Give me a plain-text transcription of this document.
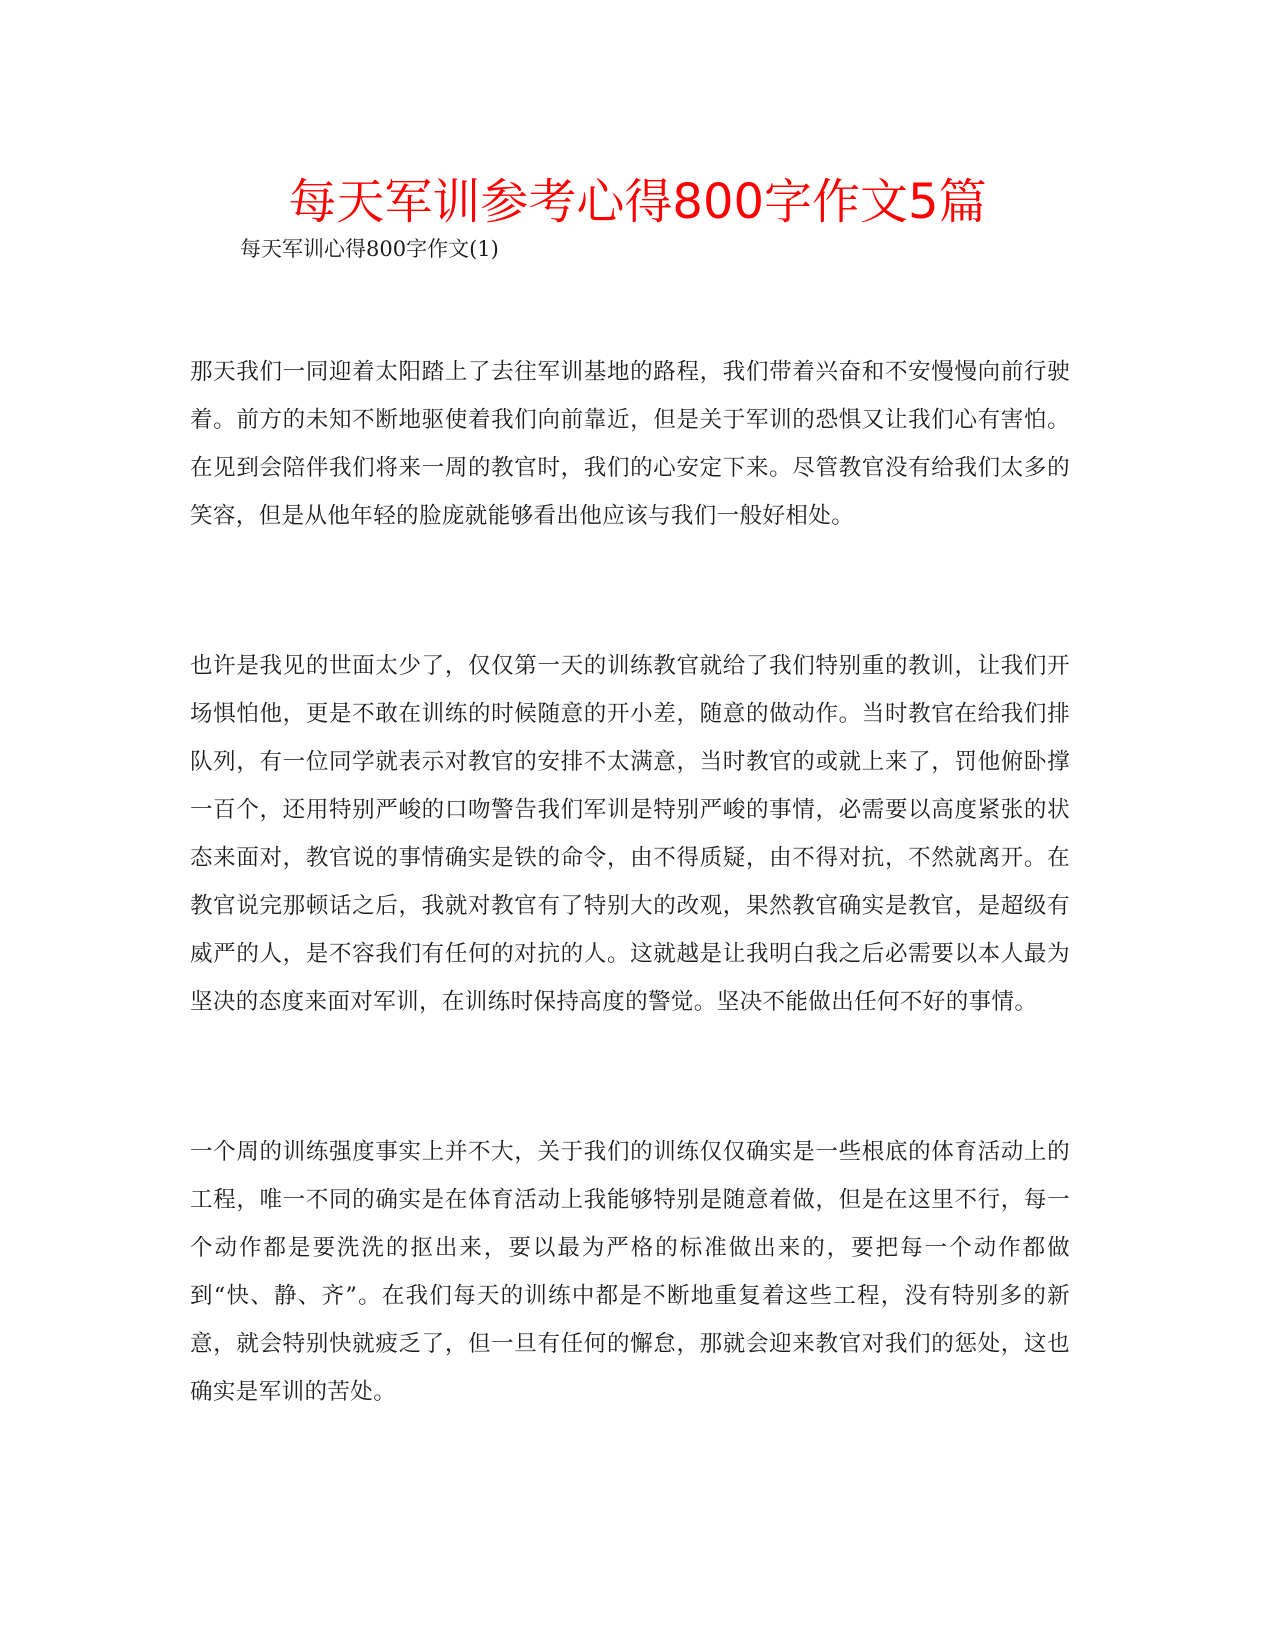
每天军训参考心得800字作文5篇

每天军训心得800字作文(1)

那天我们一同迎着太阳踏上了去往军训基地的路程，我们带着兴奋和不安慢慢向前行驶着。前方的未知不断地驱使着我们向前靠近，但是关于军训的恐惧又让我们心有害怕。在见到会陪伴我们将来一周的教官时，我们的心安定下来。尽管教官没有给我们太多的笑容，但是从他年轻的脸庞就能够看出他应该与我们一般好相处。

也许是我见的世面太少了，仅仅第一天的训练教官就给了我们特别重的教训，让我们开场惧怕他，更是不敢在训练的时候随意的开小差，随意的做动作。当时教官在给我们排队列，有一位同学就表示对教官的安排不太满意，当时教官的或就上来了，罚他俯卧撑一百个，还用特别严峻的口吻警告我们军训是特别严峻的事情，必需要以高度紧张的状态来面对，教官说的事情确实是铁的命令，由不得质疑，由不得对抗，不然就离开。在教官说完那顿话之后，我就对教官有了特别大的改观，果然教官确实是教官，是超级有威严的人，是不容我们有任何的对抗的人。这就越是让我明白我之后必需要以本人最为坚决的态度来面对军训，在训练时保持高度的警觉。坚决不能做出任何不好的事情。

一个周的训练强度事实上并不大，关于我们的训练仅仅确实是一些根底的体育活动上的工程，唯一不同的确实是在体育活动上我能够特别是随意着做，但是在这里不行，每一个动作都是要洗洗的抠出来，要以最为严格的标准做出来的，要把每一个动作都做到“快、静、齐”。在我们每天的训练中都是不断地重复着这些工程，没有特别多的新意，就会特别快就疲乏了，但一旦有任何的懈怠，那就会迎来教官对我们的惩处，这也确实是军训的苦处。
